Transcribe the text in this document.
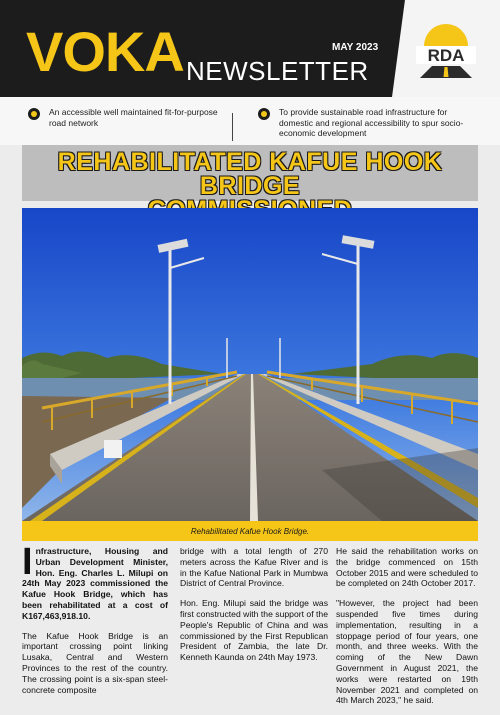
VOKA NEWSLETTER
MAY 2023	RDA
An accessible well maintained fit-for-purpose road network
To provide sustainable road infrastructure for domestic and regional accessibility to spur socio-economic development
REHABILITATED KAFUE HOOK BRIDGE
Rehabilitated Kafue Hook Bridge.

Infrastructure, Housing and Urban Development Minister, Hon. Eng. Charles L. Milupi on 24th May 2023 commissioned the Kafue Hook Bridge, which has been rehabilitated at a cost of K167,463,918.10.

The Kafue Hook Bridge is an important crossing point linking Lusaka, Central and Western Provinces to the rest of the country. The crossing point is a six-span steel-concrete composite

bridge with a total length of 270 meters across the Kafue River and is in the Kafue National Park in Mumbwa District of Central Province.

Hon. Eng. Milupi said the bridge was first constructed with the support of the People's Republic of China and was commissioned by the First Republican President of Zambia, the late Dr. Kenneth Kaunda on 24th May 1973.

He said the rehabilitation works on the bridge commenced on 15th October 2015 and were scheduled to be completed on 24th October 2017.

"However, the project had been suspended five times during implementation, resulting in a stoppage period of four years, one month, and three weeks. With the coming of the New Dawn Government in August 2021, the works were restarted on 19th November 2021 and completed on 4th March 2023," he said.
